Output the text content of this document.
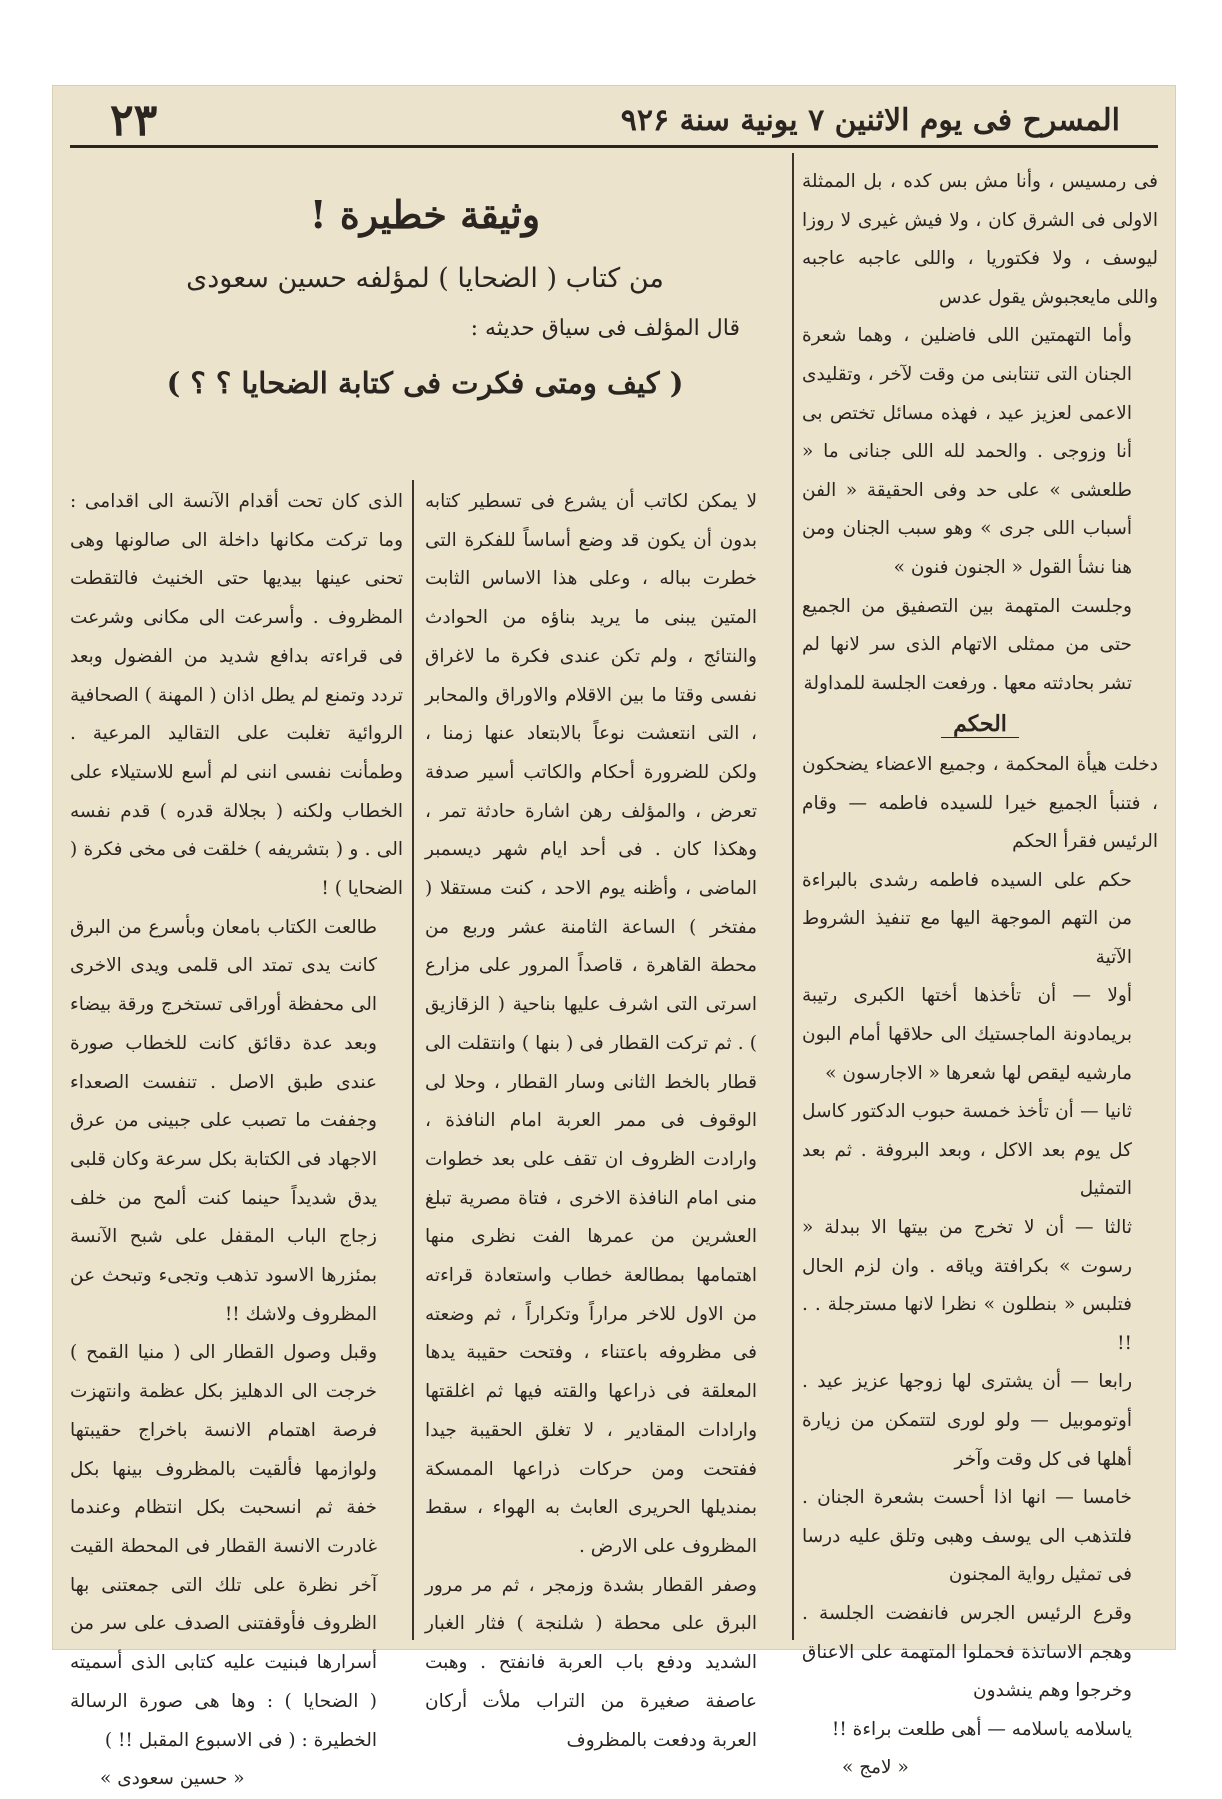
المسرح فی یوم الاثنین ۷ یونیة سنة ۹۲۶
۲۳

فی رمسیس ، وأنا مش بس کده ، بل الممثلة الاولی فی الشرق کان ، ولا فیش غیری لا روزا لیوسف ، ولا فکتوریا ، واللی عاجبه عاجبه واللی مایعجبوش یقول عدس

وأما التهمتین اللی فاضلین ، وهما شعرة الجنان التی تنتابنی من وقت لآخر ، وتقلیدی الاعمی لعزیز عید ، فهذه مسائل تختص بی أنا وزوجی . والحمد لله اللی جنانی ما « طلعشی » علی حد وفی الحقیقة « الفن أسباب اللی جری » وهو سبب الجنان ومن هنا نشأ القول « الجنون فنون »

وجلست المتهمة بین التصفیق من الجمیع حتی من ممثلی الاتهام الذی سر لانها لم تشر بحادثته معها . ورفعت الجلسة للمداولة

الحکم

دخلت هیأة المحکمة ، وجمیع الاعضاء یضحکون ، فتنبأ الجمیع خیرا للسیده فاطمه — وقام الرئیس فقرأ الحکم

حکم علی السیده فاطمه رشدی بالبراءة من التهم الموجهة الیها مع تنفیذ الشروط الآتیة

أولا — أن تأخذها أختها الکبری رتیبة بریمادونة الماجستیك الی حلاقها أمام البون مارشیه لیقص لها شعرها « الاجارسون »

ثانیا — أن تأخذ خمسة حبوب الدکتور کاسل کل یوم بعد الاکل ، وبعد البروفة . ثم بعد التمثیل

ثالثا — أن لا تخرج من بیتها الا ببدلة « رسوت » بکرافتة ویاقه . وان لزم الحال فتلبس « بنطلون » نظرا لانها مسترجلة . . !!

رابعا — أن یشتری لها زوجها عزیز عید . أوتوموبیل — ولو لوری لتتمکن من زیارة أهلها فی کل وقت وآخر

خامسا — انها اذا أحست بشعرة الجنان . فلتذهب الی یوسف وهبی وتلق علیه درسا فی تمثیل روایة المجنون

وقرع الرئیس الجرس فانفضت الجلسة . وهجم الاساتذة فحملوا المتهمة علی الاعناق وخرجوا وهم ینشدون

یاسلامه یاسلامه — أهی طلعت براءة !!

« لامج »

وثیقة خطیرة !
من کتاب ( الضحایا ) لمؤلفه حسین سعودی
قال المؤلف فی سیاق حدیثه :
( کیف ومتی فکرت فی کتابة الضحایا ؟ ؟ )

لا یمکن لکاتب أن یشرع فی تسطیر کتابه بدون أن یکون قد وضع أساساً للفکرة التی خطرت بباله ، وعلی هذا الاساس الثابت المتین یبنی ما یرید بناؤه من الحوادث والنتائج ، ولم تکن عندی فکرة ما لاغراق نفسی وقتا ما بین الاقلام والاوراق والمحابر ، التی انتعشت نوعاً بالابتعاد عنها زمنا ، ولکن للضرورة أحکام والکاتب أسیر صدفة تعرض ، والمؤلف رهن اشارة حادثة تمر ، وهکذا کان . فی أحد ایام شهر دیسمبر الماضی ، وأظنه یوم الاحد ، کنت مستقلا ( مفتخر ) الساعة الثامنة عشر وربع من محطة القاهرة ، قاصداً المرور علی مزارع اسرتی التی اشرف علیها بناحیة ( الزقازیق ) . ثم ترکت القطار فی ( بنها ) وانتقلت الی قطار بالخط الثانی وسار القطار ، وحلا لی الوقوف فی ممر العربة امام النافذة ، وارادت الظروف ان تقف علی بعد خطوات منی امام النافذة الاخری ، فتاة مصریة تبلغ العشرین من عمرها الفت نظری منها اهتمامها بمطالعة خطاب واستعادة قراءته من الاول للاخر مراراً وتکراراً ، ثم وضعته فی مظروفه باعتناء ، وفتحت حقیبة یدها المعلقة فی ذراعها والقته فیها ثم اغلقتها وارادات المقادیر ، لا تغلق الحقیبة جیدا ففتحت ومن حرکات ذراعها الممسکة بمندیلها الحریری العابث به الهواء ، سقط المظروف علی الارض .

وصفر القطار بشدة وزمجر ، ثم مر مرور البرق علی محطة ( شلنجة ) فثار الغبار الشدید ودفع باب العربة فانفتح . وهبت عاصفة صغیرة من التراب ملأت أرکان العربة ودفعت بالمظروف

الذی کان تحت أقدام الآنسة الی اقدامی : وما ترکت مکانها داخلة الی صالونها وهی تحنی عینها بیدیها حتی الخنیث فالتقطت المظروف . وأسرعت الی مکانی وشرعت فی قراءته بدافع شدید من الفضول وبعد تردد وتمنع لم یطل اذان ( المهنة ) الصحافیة الروائیة تغلبت علی التقالید المرعیة . وطمأنت نفسی اننی لم أسع للاستیلاء علی الخطاب ولکنه ( بجلالة قدره ) قدم نفسه الی . و ( بتشریفه ) خلقت فی مخی فکرة ( الضحایا ) !

طالعت الکتاب بامعان وبأسرع من البرق کانت یدی تمتد الی قلمی ویدی الاخری الی محفظة أوراقی تستخرج ورقة بیضاء وبعد عدة دقائق کانت للخطاب صورة عندی طبق الاصل . تنفست الصعداء وجففت ما تصبب علی جبینی من عرق الاجهاد فی الکتابة بکل سرعة وکان قلبی یدق شدیداً حینما کنت ألمح من خلف زجاج الباب المقفل علی شبح الآنسة بمئزرها الاسود تذهب وتجیء وتبحث عن المظروف ولاشك !!

وقبل وصول القطار الی ( منیا القمح ) خرجت الی الدهلیز بکل عظمة وانتهزت فرصة اهتمام الانسة باخراج حقیبتها ولوازمها فألقیت بالمظروف بینها بکل خفة ثم انسحبت بکل انتظام وعندما غادرت الانسة القطار فی المحطة القیت آخر نظرة علی تلك التی جمعتنی بها الظروف فأوقفتنی الصدف علی سر من أسرارها فبنیت علیه کتابی الذی أسمیته ( الضحایا ) : وها هی صورة الرسالة الخطیرة : ( فی الاسبوع المقبل !! )

« حسین سعودی »
